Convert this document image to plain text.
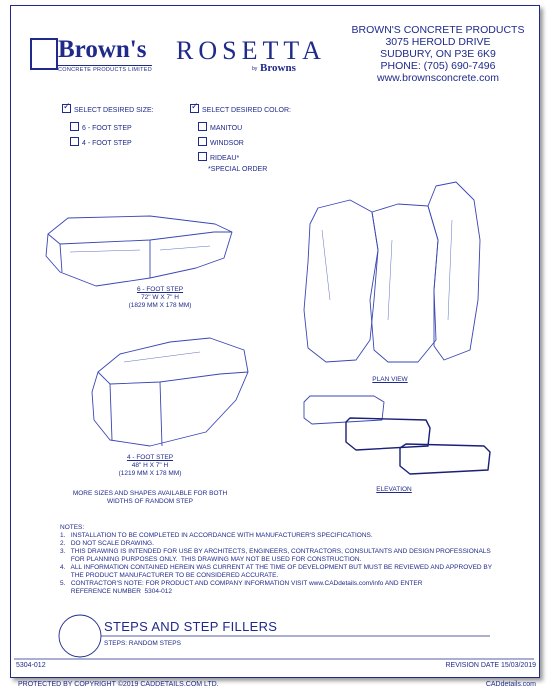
Brown's
CONCRETE PRODUCTS LIMITED
ROSETTA
by Browns
BROWN'S CONCRETE PRODUCTS
3075 HEROLD DRIVE
SUDBURY, ON P3E 6K9
PHONE: (705) 690-7496
www.brownsconcrete.com
✓SELECT DESIRED SIZE:
6 - FOOT STEP
4 - FOOT STEP
✓SELECT DESIRED COLOR:
MANITOU
WINDSOR
RIDEAU*
*SPECIAL ORDER
6 - FOOT STEP
72" W X 7" H
(1829 MM X 178 MM)
4 - FOOT STEP
48" H X 7" H
(1219 MM X 178 MM)
MORE SIZES AND SHAPES AVAILABLE FOR BOTH
WIDTHS OF RANDOM STEP
PLAN VIEW
ELEVATION
NOTES:
1.   INSTALLATION TO BE COMPLETED IN ACCORDANCE WITH MANUFACTURER'S SPECIFICATIONS.
2.   DO NOT SCALE DRAWING.
3.   THIS DRAWING IS INTENDED FOR USE BY ARCHITECTS, ENGINEERS, CONTRACTORS, CONSULTANTS AND DESIGN PROFESSIONALS
FOR PLANNING PURPOSES ONLY.  THIS DRAWING MAY NOT BE USED FOR CONSTRUCTION.
4.   ALL INFORMATION CONTAINED HEREIN WAS CURRENT AT THE TIME OF DEVELOPMENT BUT MUST BE REVIEWED AND APPROVED BY
THE PRODUCT MANUFACTURER TO BE CONSIDERED ACCURATE.
5.   CONTRACTOR'S NOTE: FOR PRODUCT AND COMPANY INFORMATION VISIT www.CADdetails.com/info AND ENTER
REFERENCE NUMBER  5304-012
STEPS AND STEP FILLERS
STEPS: RANDOM STEPS
5304-012	REVISION DATE 15/03/2019
PROTECTED BY COPYRIGHT ©2019 CADDETAILS.COM LTD.	CADdetails.com
